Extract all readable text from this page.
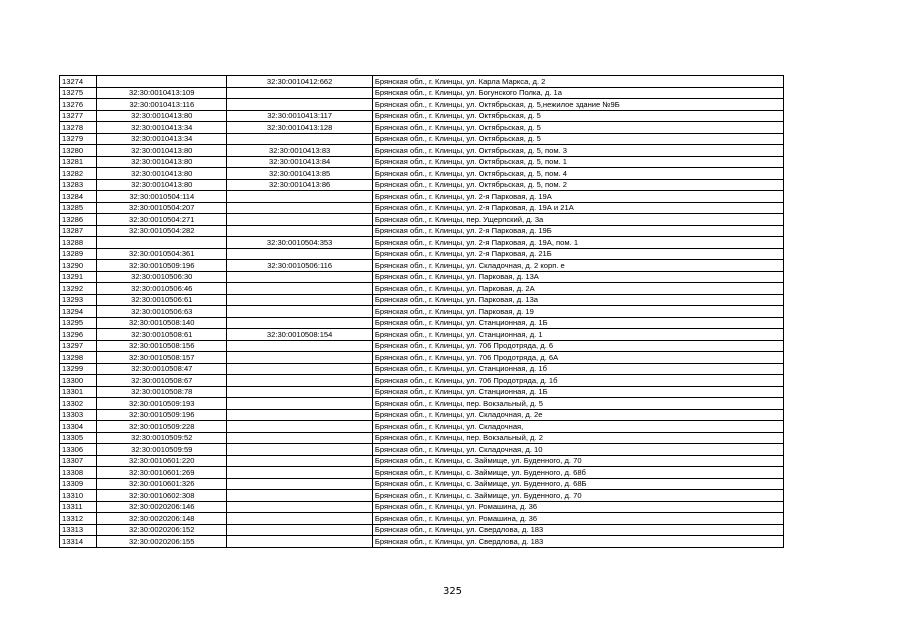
13274		32:30:0010412:662	Брянская обл., г. Клинцы, ул. Карла Маркса, д. 2
13275	32:30:0010413:109		Брянская обл., г. Клинцы, ул. Богунского Полка, д. 1а
13276	32:30:0010413:116		Брянская обл., г. Клинцы, ул. Октябрьская, д. 5,нежилое здание №9Б
13277	32:30:0010413:80	32:30:0010413:117	Брянская обл., г. Клинцы, ул. Октябрьская, д. 5
13278	32:30:0010413:34	32:30:0010413:128	Брянская обл., г. Клинцы, ул. Октябрьская, д. 5
13279	32:30:0010413:34		Брянская обл., г. Клинцы, ул. Октябрьская, д. 5
13280	32:30:0010413:80	32:30:0010413:83	Брянская обл., г. Клинцы, ул. Октябрьская, д. 5, пом. 3
13281	32:30:0010413:80	32:30:0010413:84	Брянская обл., г. Клинцы, ул. Октябрьская, д. 5, пом. 1
13282	32:30:0010413:80	32:30:0010413:85	Брянская обл., г. Клинцы, ул. Октябрьская, д. 5, пом. 4
13283	32:30:0010413:80	32:30:0010413:86	Брянская обл., г. Клинцы, ул. Октябрьская, д. 5, пом. 2
13284	32:30:0010504:114		Брянская обл., г. Клинцы, ул. 2-я Парковая, д. 19А
13285	32:30:0010504:207		Брянская обл., г. Клинцы, ул. 2-я Парковая, д. 19А и 21А
13286	32:30:0010504:271		Брянская обл., г. Клинцы, пер. Ущерпский, д. 3а
13287	32:30:0010504:282		Брянская обл., г. Клинцы, ул. 2-я Парковая, д. 19Б
13288		32:30:0010504:353	Брянская обл., г. Клинцы, ул. 2-я Парковая, д. 19А, пом. 1
13289	32:30:0010504:361		Брянская обл., г. Клинцы, ул. 2-я Парковая, д. 21Б
13290	32:30:0010509:196	32:30:0010506:116	Брянская обл., г. Клинцы, ул. Складочная, д. 2 корп. е
13291	32:30:0010506:30		Брянская обл., г. Клинцы, ул. Парковая, д. 13А
13292	32:30:0010506:46		Брянская обл., г. Клинцы, ул. Парковая, д. 2А
13293	32:30:0010506:61		Брянская обл., г. Клинцы, ул. Парковая, д. 13а
13294	32:30:0010506:63		Брянская обл., г. Клинцы, ул. Парковая, д. 19
13295	32:30:0010508:140		Брянская обл., г. Клинцы, ул. Станционная, д. 1Б
13296	32:30:0010508:61	32:30:0010508:154	Брянская обл., г. Клинцы, ул. Станционная, д. 1
13297	32:30:0010508:156		Брянская обл., г. Клинцы, ул. 706 Продотряда, д. 6
13298	32:30:0010508:157		Брянская обл., г. Клинцы, ул. 706 Продотряда, д. 6А
13299	32:30:0010508:47		Брянская обл., г. Клинцы, ул. Станционная, д. 1б
13300	32:30:0010508:67		Брянская обл., г. Клинцы, ул. 706 Продотряда, д. 1б
13301	32:30:0010508:78		Брянская обл., г. Клинцы, ул. Станционная, д. 1Б
13302	32:30:0010509:193		Брянская обл., г. Клинцы, пер. Вокзальный, д. 5
13303	32:30:0010509:196		Брянская обл., г. Клинцы, ул. Складочная, д. 2е
13304	32:30:0010509:228		Брянская обл., г. Клинцы, ул. Складочная,
13305	32:30:0010509:52		Брянская обл., г. Клинцы, пер. Вокзальный, д. 2
13306	32:30:0010509:59		Брянская обл., г. Клинцы, ул. Складочная, д. 10
13307	32:30:0010601:220		Брянская обл., г. Клинцы, с. Займище, ул. Буденного, д. 70
13308	32:30:0010601:269		Брянская обл., г. Клинцы, с. Займище, ул. Буденного, д. 68б
13309	32:30:0010601:326		Брянская обл., г. Клинцы, с. Займище, ул. Буденного, д. 68Б
13310	32:30:0010602:308		Брянская обл., г. Клинцы, с. Займище, ул. Буденного, д. 70
13311	32:30:0020206:146		Брянская обл., г. Клинцы, ул. Ромашина, д. 36
13312	32:30:0020206:148		Брянская обл., г. Клинцы, ул. Ромашина, д. 36
13313	32:30:0020206:152		Брянская обл., г. Клинцы, ул. Свердлова, д. 183
13314	32:30:0020206:155		Брянская обл., г. Клинцы, ул. Свердлова, д. 183
325
